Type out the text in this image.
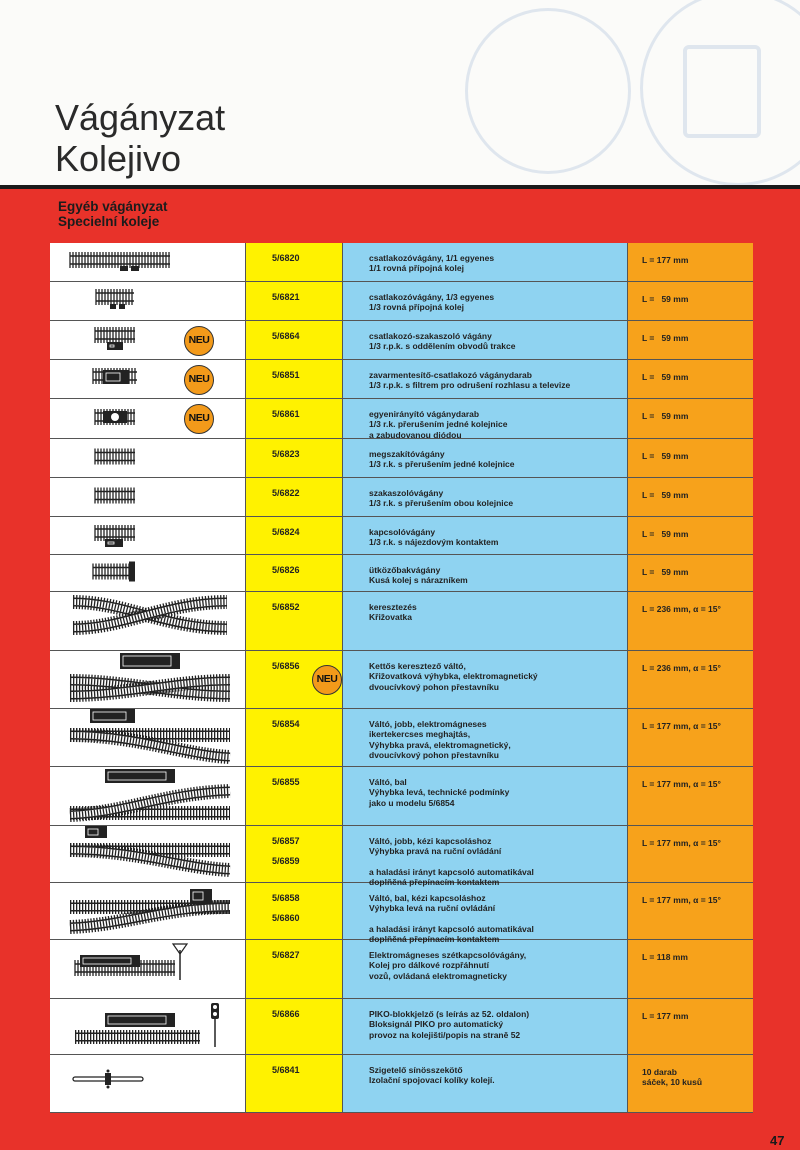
Vágányzat
Kolejivo
Egyéb vágányzat
Specielní koleje
5/6820	csatlakozóvágány, 1/1 egyenes
1/1 rovná přípojná kolej
L = 177 mm
5/6821	csatlakozóvágány, 1/3 egyenes
1/3 rovná přípojná kolej
L =   59 mm
NEU	5/6864	csatlakozó-szakaszoló vágány
1/3 r.p.k. s oddělením obvodů trakce
L =   59 mm
NEU	5/6851	zavarmentesítő-csatlakozó vágánydarab
1/3 r.p.k. s filtrem pro odrušení rozhlasu a televize
L =   59 mm
NEU	5/6861	egyenirányító vágánydarab
1/3 r.k. přerušením jedné kolejnice
a zabudovanou diódou
L =   59 mm
5/6823	megszakítóvágány
1/3 r.k. s přerušením jedné kolejnice
L =   59 mm
5/6822	szakaszolóvágány
1/3 r.k. s přerušením obou kolejnice
L =   59 mm
5/6824	kapcsolóvágány
1/3 r.k. s nájezdovým kontaktem
L =   59 mm
5/6826	ütközőbakvágány
Kusá kolej s nárazníkem
L =   59 mm
5/6852	keresztezés
Křižovatka
L = 236 mm, α = 15°
NEU
5/6856	Kettős keresztező váltó,
Křižovatková výhybka, elektromagnetický
dvoucívkový pohon přestavníku
L = 236 mm, α = 15°
5/6854	Váltó, jobb, elektromágneses
ikertekercses meghajtás,
Výhybka pravá, elektromagnetický,
dvoucívkový pohon přestavníku
L = 177 mm, α = 15°
5/6855	Váltó, bal
Výhybka levá, technické podmínky
jako u modelu 5/6854
L = 177 mm, α = 15°
5/6857
5/6859
Váltó, jobb, kézi kapcsoláshoz
Výhybka pravá na ruční ovládání
a haladási irányt kapcsoló automatikával
doplňěná přepínacím kontaktem
L = 177 mm, α = 15°
5/6858
5/6860
Váltó, bal, kézi kapcsoláshoz
Výhybka levá na ruční ovládání
a haladási irányt kapcsoló automatikával
doplňěná přepínacím kontaktem
L = 177 mm, α = 15°
5/6827	Elektromágneses szétkapcsolóvágány,
Kolej pro dálkové rozpřáhnutí
vozů, ovládaná elektromagneticky
L = 118 mm
5/6866	PIKO-blokkjelző (s leírás az 52. oldalon)
Bloksignál PIKO pro automatický
provoz na kolejišti/popis na straně 52
L = 177 mm
5/6841	Szigetelő sínösszekötő
Izolační spojovací kolíky kolejí.
10 darab
sáček, 10 kusů
47
